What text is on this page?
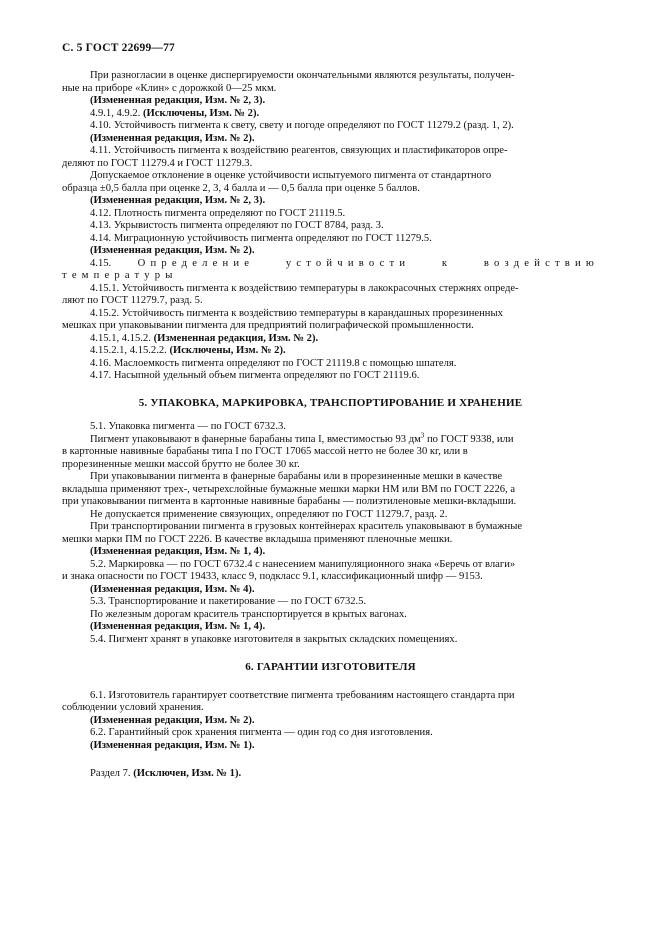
С. 5 ГОСТ 22699—77

При разногласии в оценке диспергируемости окончательными являются результаты, получен-

ные на приборе «Клин» с дорожкой 0—25 мкм.

(Измененная редакция, Изм. № 2, 3).

4.9.1, 4.9.2. (Исключены, Изм. № 2).

4.10. Устойчивость пигмента к свету, свету и погоде определяют по ГОСТ 11279.2 (разд. 1, 2).

(Измененная редакция, Изм. № 2).

4.11. Устойчивость пигмента к воздействию реагентов, связующих и пластификаторов опре-

деляют по ГОСТ 11279.4 и ГОСТ 11279.3.

Допускаемое отклонение в оценке устойчивости испытуемого пигмента от стандартного

образца ±0,5 балла при оценке 2, 3, 4 балла и — 0,5 балла при оценке 5 баллов.

(Измененная редакция, Изм. № 2, 3).

4.12. Плотность пигмента определяют по ГОСТ 21119.5.

4.13. Укрывистость пигмента определяют по ГОСТ 8784, разд. 3.

4.14. Миграционную устойчивость пигмента определяют по ГОСТ 11279.5.

(Измененная редакция, Изм. № 2).

4.15. Определение устойчивости к воздействию температуры

4.15.1. Устойчивость пигмента к воздействию температуры в лакокрасочных стержнях опреде-

ляют по ГОСТ 11279.7, разд. 5.

4.15.2. Устойчивость пигмента к воздействию температуры в карандашных прорезиненных

мешках при упаковывании пигмента для предприятий полиграфической промышленности.

4.15.1, 4.15.2. (Измененная редакция, Изм. № 2).

4.15.2.1, 4.15.2.2. (Исключены, Изм. № 2).

4.16. Маслоемкость пигмента определяют по ГОСТ 21119.8 с помощью шпателя.

4.17. Насыпной удельный объем пигмента определяют по ГОСТ 21119.6.

5. УПАКОВКА, МАРКИРОВКА, ТРАНСПОРТИРОВАНИЕ И ХРАНЕНИЕ

5.1. Упаковка пигмента — по ГОСТ 6732.3.

Пигмент упаковывают в фанерные барабаны типа I, вместимостью 93 $дм^3$ по ГОСТ 9338, или

в картонные навивные барабаны типа I по ГОСТ 17065 массой нетто не более 30 кг, или в

прорезиненные мешки массой брутто не более 30 кг.

При упаковывании пигмента в фанерные барабаны или в прорезиненные мешки в качестве

вкладыша применяют трех-, четырехслойные бумажные мешки марки НМ или ВМ по ГОСТ 2226, а

при упаковывании пигмента в картонные навивные барабаны — полиэтиленовые мешки-вкладыши.

Не допускается применение связующих, определяют по ГОСТ 11279.7, разд. 2.

При транспортировании пигмента в грузовых контейнерах краситель упаковывают в бумажные

мешки марки ПМ по ГОСТ 2226. В качестве вкладыша применяют пленочные мешки.

(Измененная редакция, Изм. № 1, 4).

5.2. Маркировка — по ГОСТ 6732.4 с нанесением манипуляционного знака «Беречь от влаги»

и знака опасности по ГОСТ 19433, класс 9, подкласс 9.1, классификационный шифр — 9153.

(Измененная редакция, Изм. № 4).

5.3. Транспортирование и пакетирование — по ГОСТ 6732.5.

По железным дорогам краситель транспортируется в крытых вагонах.

(Измененная редакция, Изм. № 1, 4).

5.4. Пигмент хранят в упаковке изготовителя в закрытых складских помещениях.

6. ГАРАНТИИ ИЗГОТОВИТЕЛЯ

6.1. Изготовитель гарантирует соответствие пигмента требованиям настоящего стандарта при

соблюдении условий хранения.

(Измененная редакция, Изм. № 2).

6.2. Гарантийный срок хранения пигмента — один год со дня изготовления.

(Измененная редакция, Изм. № 1).

Раздел 7. (Исключен, Изм. № 1).
